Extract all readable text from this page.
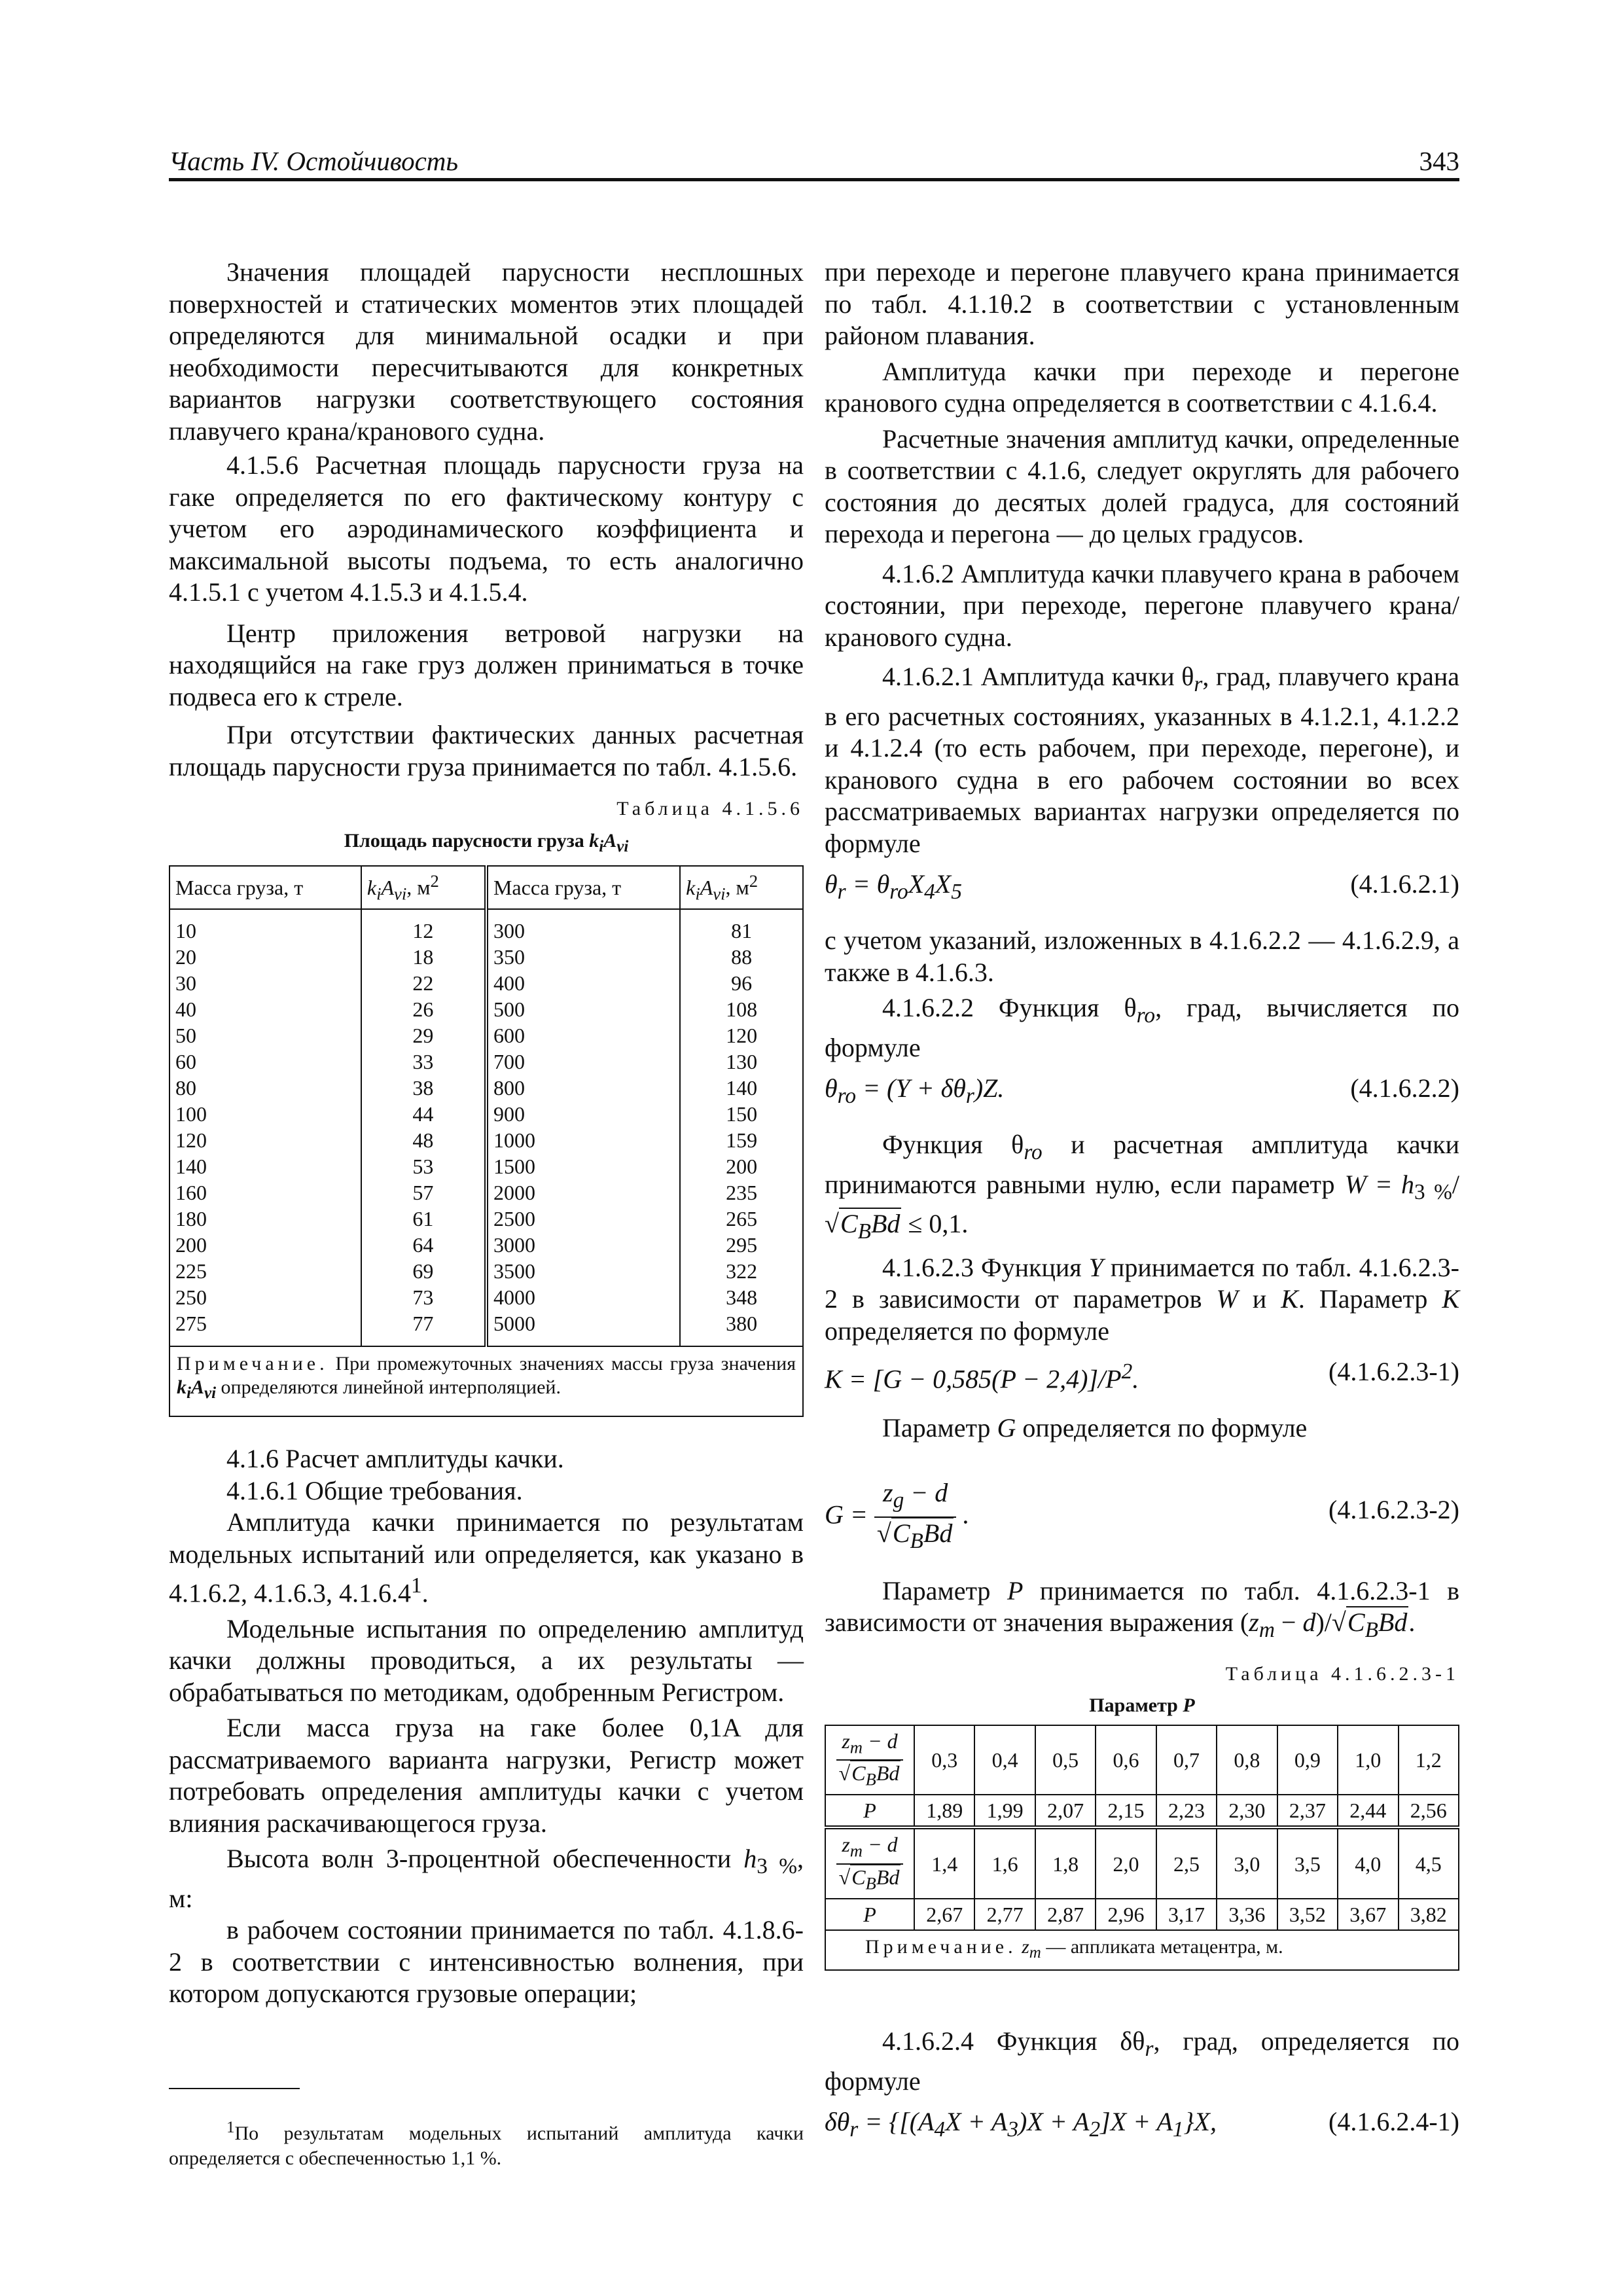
Часть IV. Остойчивость	343

Значения площадей парусности несплошных поверхностей и статических моментов этих площадей определяются для минимальной осадки и при необходимости пересчитываются для конкретных вариантов нагрузки соответствующего состояния плавучего крана/кранового судна.

4.1.5.6 Расчетная площадь парусности груза на гаке определяется по его фактическому контуру с учетом его аэродинамического коэффициента и максимальной высоты подъема, то есть аналогично 4.1.5.1 с учетом 4.1.5.3 и 4.1.5.4.

Центр приложения ветровой нагрузки на находящийся на гаке груз должен приниматься в точке подвеса его к стреле.

При отсутствии фактических данных расчетная площадь парусности груза принимается по табл. 4.1.5.6.

Таблица 4.1.5.6
Площадь парусности груза $k_iA_{vi}$
Масса груза, т	$k_iA_{vi}$, $м^2$	Масса груза, т	$k_iA_{vi}$, $м^2$
10	12	300	81
20	18	350	88
30	22	400	96
40	26	500	108
50	29	600	120
60	33	700	130
80	38	800	140
100	44	900	150
120	48	1000	159
140	53	1500	200
160	57	2000	235
180	61	2500	265
200	64	3000	295
225	69	3500	322
250	73	4000	348
275	77	5000	380
Примечание. При промежуточных значениях массы груза значения $k_iA_{vi}$ определяются линейной интерполяцией.			

4.1.6 Расчет амплитуды качки.

4.1.6.1 Общие требования.

Амплитуда качки принимается по результатам модельных испытаний или определяется, как указано в 4.1.6.2, 4.1.6.3, 4.1.6.4$^1$.

Модельные испытания по определению амплитуд качки должны проводиться, а их результаты — обрабатываться по методикам, одобренным Регистром.

Если масса груза на гаке более 0,1A для рассматриваемого варианта нагрузки, Регистр может потребовать определения амплитуды качки с учетом влияния раскачивающегося груза.

Высота волн 3-процентной обеспеченности $h_{3 \%}$, м:

в рабочем состоянии принимается по табл. 4.1.8.6-2 в соответствии с интенсивностью волнения, при котором допускаются грузовые операции;

$^1$По результатам модельных испытаний амплитуда качки определяется с обеспеченностью 1,1 %.

при переходе и перегоне плавучего крана принимается по табл. 4.1.1θ.2 в соответствии с установленным районом плавания.

Амплитуда качки при переходе и перегоне кранового судна определяется в соответствии с 4.1.6.4.

Расчетные значения амплитуд качки, определенные в соответствии с 4.1.6, следует округлять для рабочего состояния до десятых долей градуса, для состояний перехода и перегона — до целых градусов.

4.1.6.2 Амплитуда качки плавучего крана в рабочем состоянии, при переходе, перегоне плавучего крана/кранового судна.

4.1.6.2.1 Амплитуда качки $\theta_r$, град, плавучего крана в его расчетных состояниях, указанных в 4.1.2.1, 4.1.2.2 и 4.1.2.4 (то есть рабочем, при переходе, перегоне), и кранового судна в его рабочем состоянии во всех рассматриваемых вариантах нагрузки определяется по формуле

$\theta_r = \theta_{ro}X_4X_5$	(4.1.6.2.1)

с учетом указаний, изложенных в 4.1.6.2.2 — 4.1.6.2.9, а также в 4.1.6.3.

4.1.6.2.2 Функция $\theta_{ro}$, град, вычисляется по формуле

$\theta_{ro} = (Y + \delta\theta_r)Z$.	(4.1.6.2.2)

Функция $\theta_{ro}$ и расчетная амплитуда качки принимаются равными нулю, если параметр $W = h_{3 \%}/√C_BBd \le 0,1$.

4.1.6.2.3 Функция Y принимается по табл. 4.1.6.2.3-2 в зависимости от параметров W и K. Параметр K определяется по формуле

$K = [G - 0,585(P - 2,4)]/P^2$.	(4.1.6.2.3-1)

Параметр G определяется по формуле

$G = \frac{z_g - d}{√C_BBd}$ .	(4.1.6.2.3-2)

Параметр P принимается по табл. 4.1.6.2.3-1 в зависимости от значения выражения $(z_m - d)/√C_BBd$.

Таблица 4.1.6.2.3-1
Параметр P
$\frac{z_m - d}{√C_BBd}$	0,3	0,4	0,5	0,6	0,7	0,8	0,9	1,0	1,2
P	1,89	1,99	2,07	2,15	2,23	2,30	2,37	2,44	2,56

$\frac{z_m - d}{√C_BBd}$	1,4	1,6	1,8	2,0	2,5	3,0	3,5	4,0	4,5
P	2,67	2,77	2,87	2,96	3,17	3,36	3,52	3,67	3,82
Примечание. $z_m$ — аппликата метацентра, м.									

4.1.6.2.4 Функция $\delta\theta_r$, град, определяется по формуле

$\delta\theta_r = \{[(A_4X + A_3)X + A_2]X + A_1\}X$,	(4.1.6.2.4-1)
